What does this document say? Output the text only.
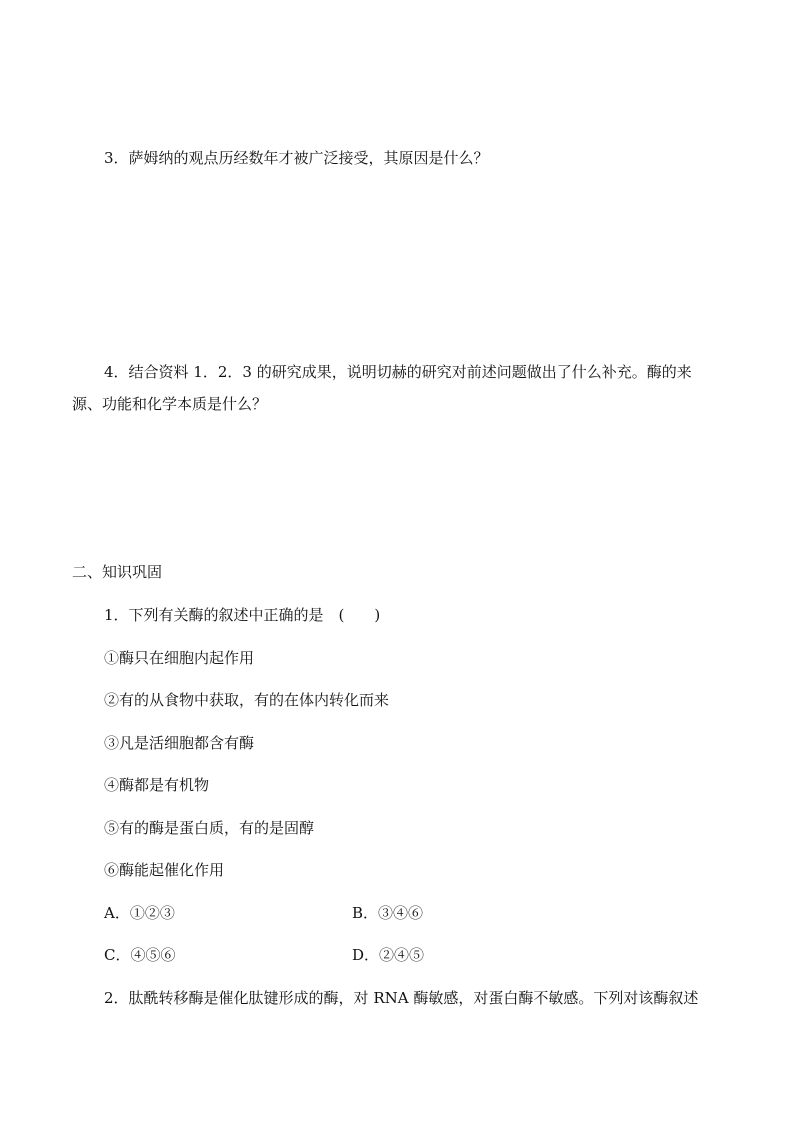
3．萨姆纳的观点历经数年才被广泛接受，其原因是什么？
4．结合资料 1．2．3 的研究成果，说明切赫的研究对前述问题做出了什么补充。酶的来
源、功能和化学本质是什么？
二、知识巩固
1．下列有关酶的叙述中正确的是　(　　)
①酶只在细胞内起作用
②有的从食物中获取，有的在体内转化而来
③凡是活细胞都含有酶
④酶都是有机物
⑤有的酶是蛋白质，有的是固醇
⑥酶能起催化作用
A．①②③	B．③④⑥
C．④⑤⑥	D．②④⑤
2．肽酰转移酶是催化肽键形成的酶，对 RNA 酶敏感，对蛋白酶不敏感。下列对该酶叙述
